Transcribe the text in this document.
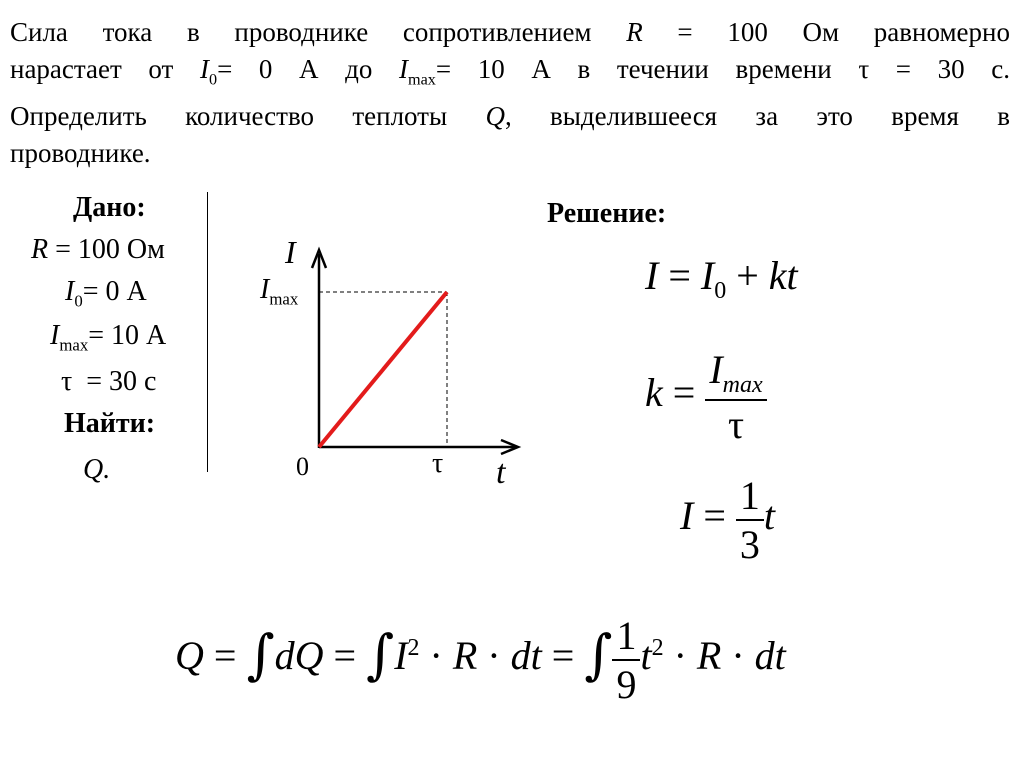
Сила тока в проводнике сопротивлением R = 100 Ом равномерно
нарастает от $I_0= 0$ А до $I_{max}= 10$ А в течении времени τ = 30 с.
Определить количество теплоты Q, выделившееся за это время в
проводнике.
Дано:
R = 100 Ом
$I_0= 0$ А
$I_{max}= 10$ А
τ  = 30 с
Найти:
Q.
I
$I_{max}$
0	τ t
Решение:
$I = I_0$ + kt
$k = \frac{I_{max}}{\tau}$
$I = \frac{1}{3}$ t
$Q = \int dQ = \int I^2 \cdot R$ · dt = ∫ $\frac{1}{9} t^2 \cdot R$ · dt
